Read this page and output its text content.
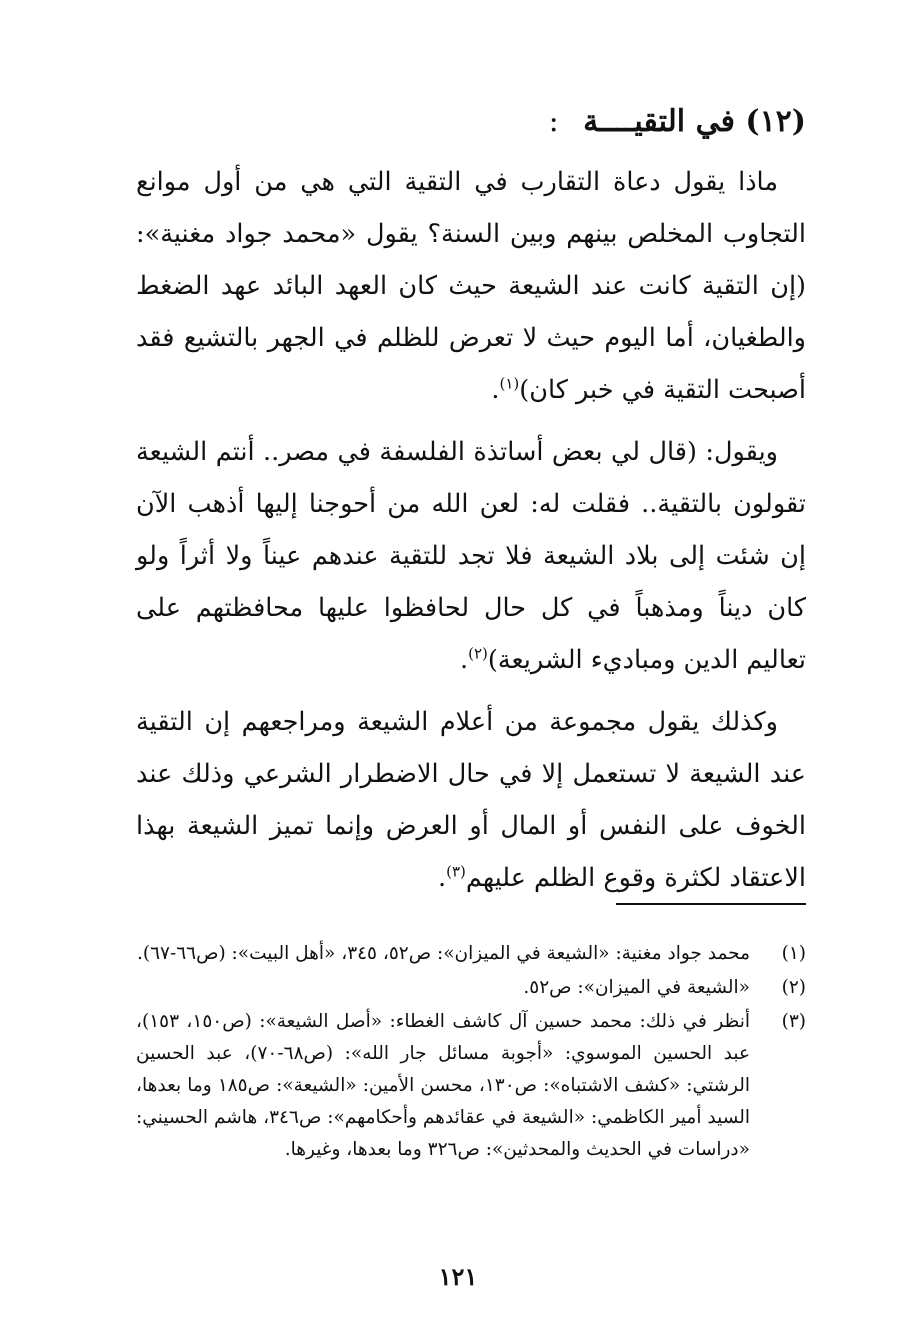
(١٢) في التقيــــة :

ماذا يقول دعاة التقارب في التقية التي هي من أول موانع التجاوب المخلص بينهم وبين السنة؟ يقول «محمد جواد مغنية»: (إن التقية كانت عند الشيعة حيث كان العهد البائد عهد الضغط والطغيان، أما اليوم حيث لا تعرض للظلم في الجهر بالتشيع فقد أصبحت التقية في خبر كان)$^{(١)}$.

ويقول: (قال لي بعض أساتذة الفلسفة في مصر.. أنتم الشيعة تقولون بالتقية.. فقلت له: لعن الله من أحوجنا إليها أذهب الآن إن شئت إلى بلاد الشيعة فلا تجد للتقية عندهم عيناً ولا أثراً ولو كان ديناً ومذهباً في كل حال لحافظوا عليها محافظتهم على تعاليم الدين ومباديء الشريعة)$^{(٢)}$.

وكذلك يقول مجموعة من أعلام الشيعة ومراجعهم إن التقية عند الشيعة لا تستعمل إلا في حال الاضطرار الشرعي وذلك عند الخوف على النفس أو المال أو العرض وإنما تميز الشيعة بهذا الاعتقاد لكثرة وقوع الظلم عليهم$^{(٣)}$.

(١)
محمد جواد مغنية: «الشيعة في الميزان»: ص٥٢، ٣٤٥، «أهل البيت»: (ص٦٦-٦٧).
(٢)
«الشيعة في الميزان»: ص٥٢.
(٣)
أنظر في ذلك: محمد حسين آل كاشف الغطاء: «أصل الشيعة»: (ص١٥٠، ١٥٣)، عبد الحسين الموسوي: «أجوبة مسائل جار الله»: (ص٦٨-٧٠)، عبد الحسين الرشتي: «كشف الاشتباه»: ص١٣٠، محسن الأمين: «الشيعة»: ص١٨٥ وما بعدها، السيد أمير الكاظمي: «الشيعة في عقائدهم وأحكامهم»: ص٣٤٦، هاشم الحسيني: «دراسات في الحديث والمحدثين»: ص٣٢٦ وما بعدها، وغيرها.
١٢١
